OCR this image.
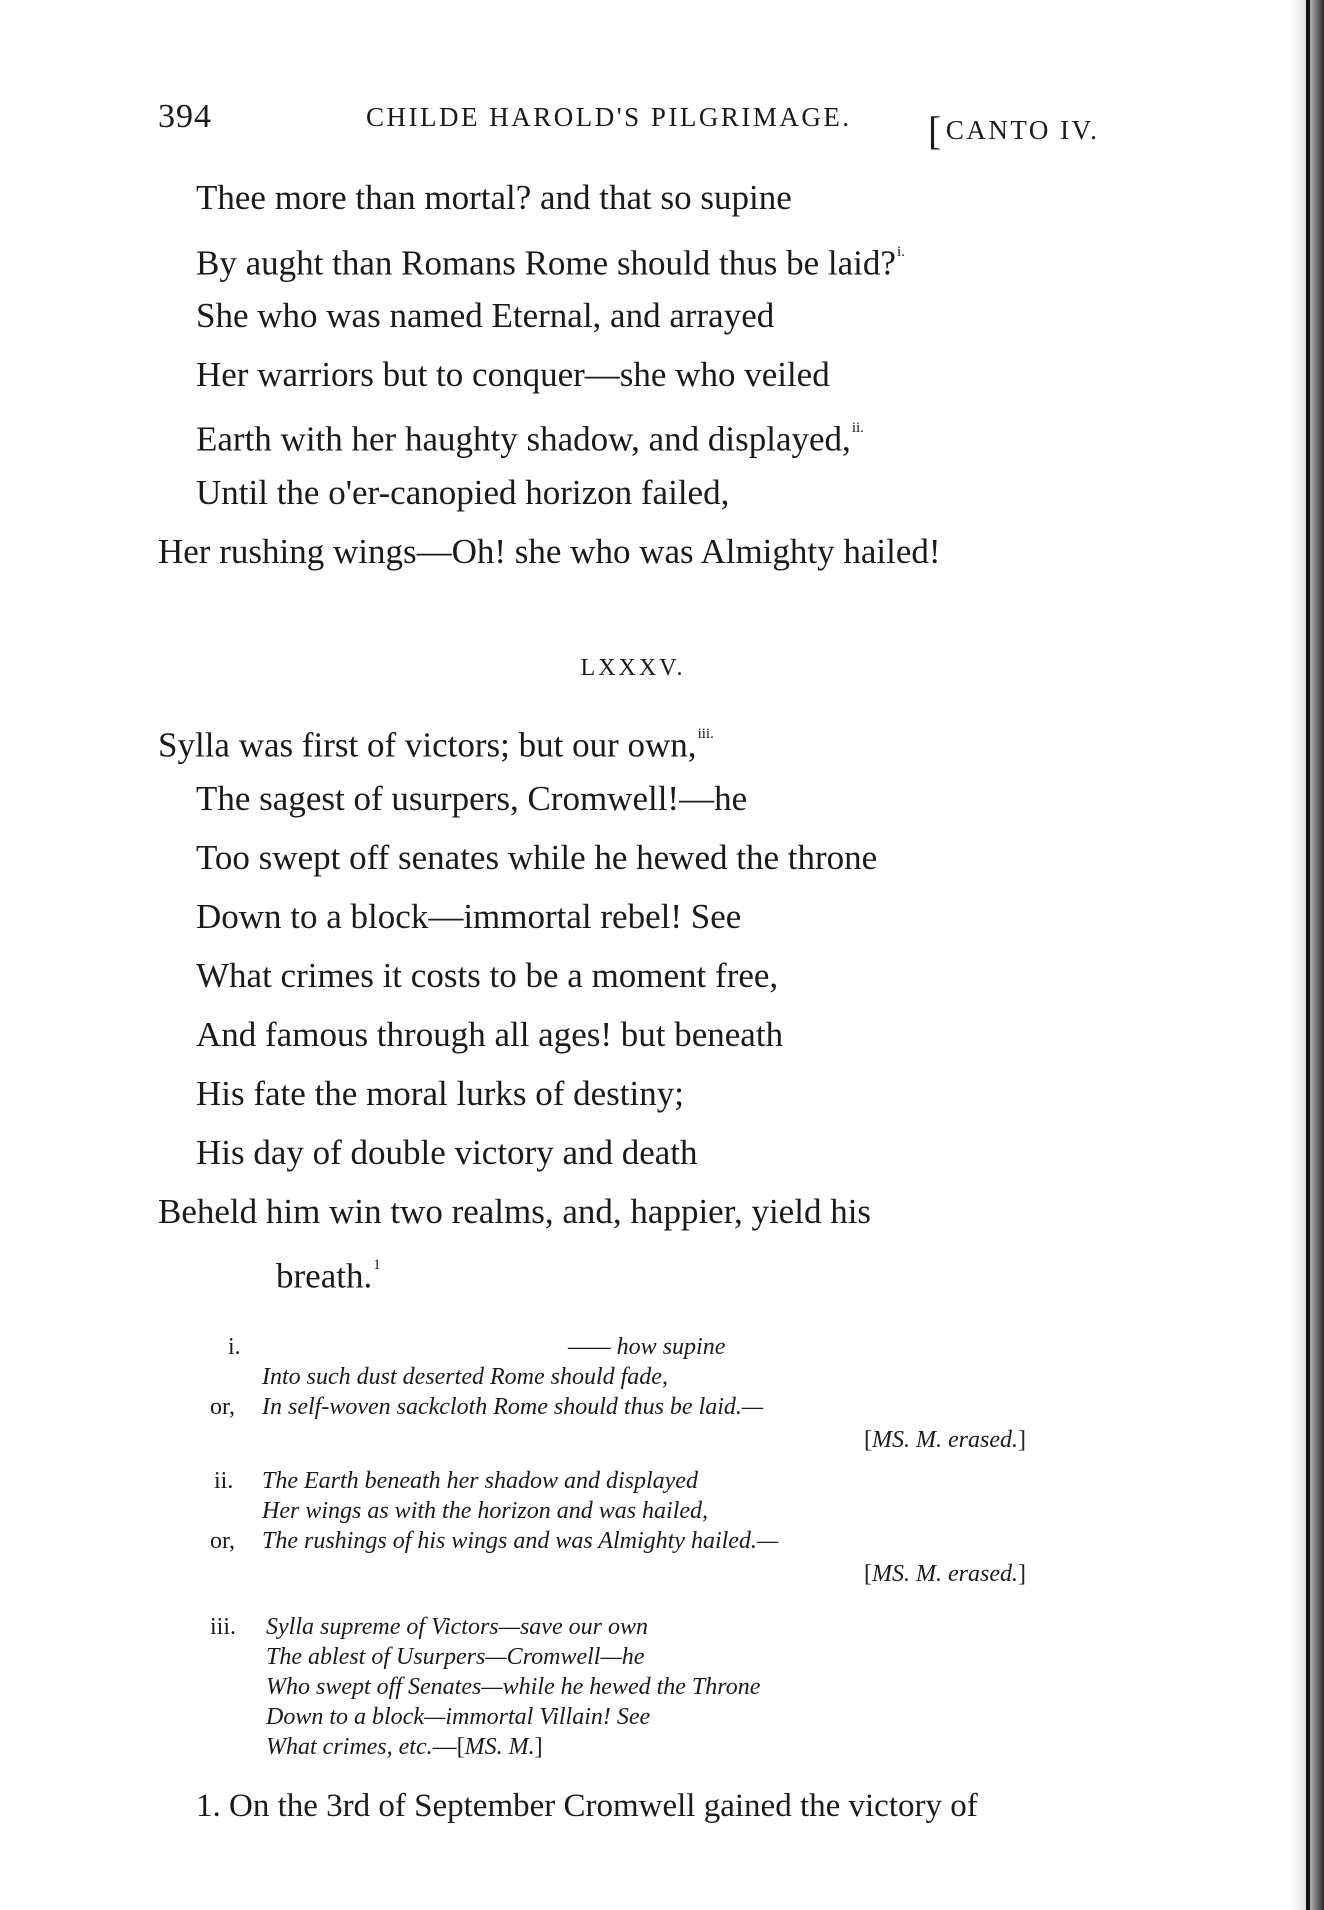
394	CHILDE HAROLD'S PILGRIMAGE. [CANTO IV.
Thee more than mortal? and that so supine
By aught than Romans Rome should thus be laid?$^{i.}$
She who was named Eternal, and arrayed
Her warriors but to conquer—she who veiled
Earth with her haughty shadow, and displayed,$^{ii.}$
Until the o'er-canopied horizon failed,
Her rushing wings—Oh! she who was Almighty hailed!
LXXXV.
Sylla was first of victors; but our own,$^{iii.}$
The sagest of usurpers, Cromwell!—he
Too swept off senates while he hewed the throne
Down to a block—immortal rebel! See
What crimes it costs to be a moment free,
And famous through all ages! but beneath
His fate the moral lurks of destiny;
His day of double victory and death
Beheld him win two realms, and, happier, yield his
breath.$^1$
i.	—— how supine
Into such dust deserted Rome should fade,
or, In self-woven sackcloth Rome should thus be laid.—
[MS. M. erased.]
ii. The Earth beneath her shadow and displayed
Her wings as with the horizon and was hailed,
or, The rushings of his wings and was Almighty hailed.—
[MS. M. erased.]
iii. Sylla supreme of Victors—save our own
The ablest of Usurpers—Cromwell—he
Who swept off Senates—while he hewed the Throne
Down to a block—immortal Villain! See
What crimes, etc.—[MS. M.]
1. On the 3rd of September Cromwell gained the victory of
